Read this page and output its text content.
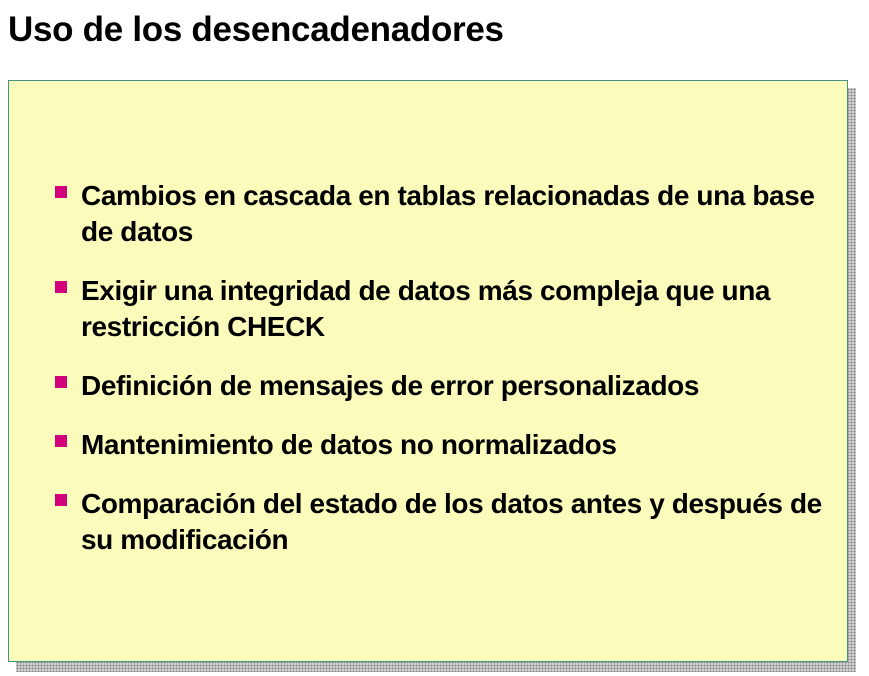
Uso de los desencadenadores
Cambios en cascada en tablas relacionadas de una base de datos
Exigir una integridad de datos más compleja que una restricción CHECK
Definición de mensajes de error personalizados
Mantenimiento de datos no normalizados
Comparación del estado de los datos antes y después de su modificación
